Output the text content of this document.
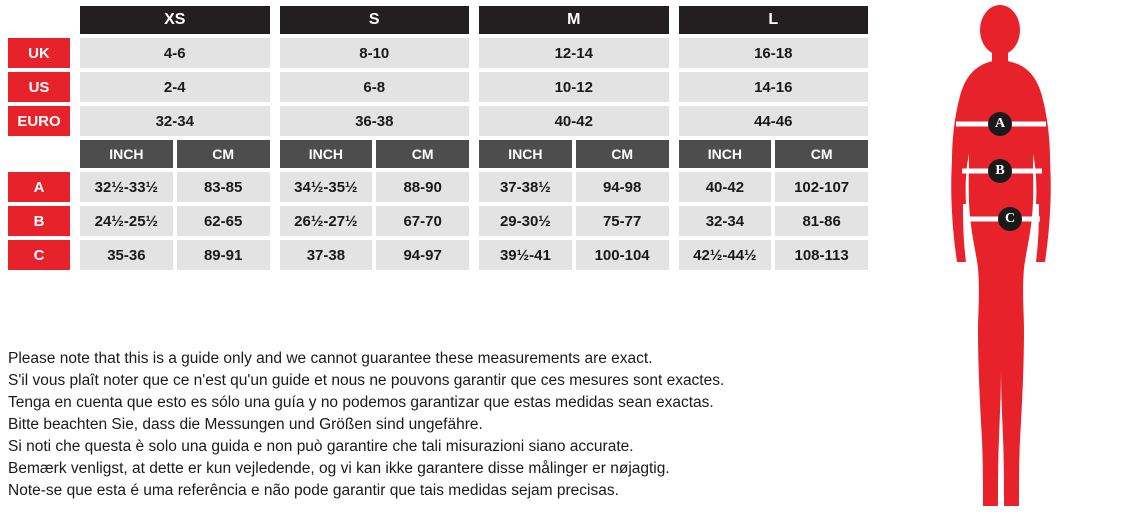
XS	S	M	L
UK	4-6	8-10	12-14	16-18
US	2-4	6-8	10-12	14-16
EURO	32-34	36-38	40-42	44-46
INCH	CM	INCH	CM	INCH	CM	INCH	CM
A	32½-33½	83-85	34½-35½	88-90	37-38½	94-98	40-42	102-107
B	24½-25½	62-65	26½-27½	67-70	29-30½	75-77	32-34	81-86
C	35-36	89-91	37-38	94-97	39½-41	100-104	42½-44½	108-113

Please note that this is a guide only and we cannot guarantee these measurements are exact.

S'il vous plaît noter que ce n'est qu'un guide et nous ne pouvons garantir que ces mesures sont exactes.

Tenga en cuenta que esto es sólo una guía y no podemos garantizar que estas medidas sean exactas.

Bitte beachten Sie, dass die Messungen und Größen sind ungefähre.

Si noti che questa è solo una guida e non può garantire che tali misurazioni siano accurate.

Bemærk venligst, at dette er kun vejledende, og vi kan ikke garantere disse målinger er nøjagtig.

Note-se que esta é uma referência e não pode garantir que tais medidas sejam precisas.

A
B
C
